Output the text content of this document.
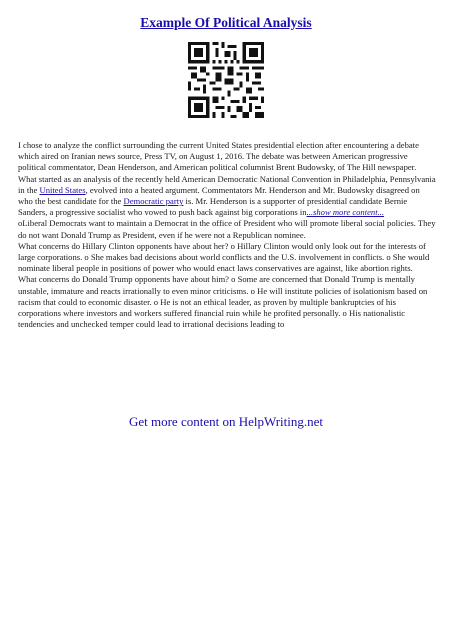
Example Of Political Analysis

I chose to analyze the conflict surrounding the current United States presidential election after encountering a debate which aired on Iranian news source, Press TV, on August 1, 2016. The debate was between American progressive political commentator, Dean Henderson, and American political columnist Brent Budowsky, of The Hill newspaper. What started as an analysis of the recently held American Democratic National Convention in Philadelphia, Pennsylvania in the United States, evolved into a heated argument. Commentators Mr. Henderson and Mr. Budowsky disagreed on who the best candidate for the Democratic party is. Mr. Henderson is a supporter of presidential candidate Bernie Sanders, a progressive socialist who vowed to push back against big corporations in...show more content...

oLiberal Democrats want to maintain a Democrat in the office of President who will promote liberal social policies. They do not want Donald Trump as President, even if he were not a Republican nominee.

What concerns do Hillary Clinton opponents have about her? o Hillary Clinton would only look out for the interests of large corporations. o She makes bad decisions about world conflicts and the U.S. involvement in conflicts. o She would nominate liberal people in positions of power who would enact laws conservatives are against, like abortion rights.

What concerns do Donald Trump opponents have about him? o Some are concerned that Donald Trump is mentally unstable, immature and reacts irrationally to even minor criticisms. o He will institute policies of isolationism based on racism that could to economic disaster. o He is not an ethical leader, as proven by multiple bankruptcies of his corporations where investors and workers suffered financial ruin while he profited personally. o His nationalistic tendencies and unchecked temper could lead to irrational decisions leading to

Get more content on HelpWriting.net
